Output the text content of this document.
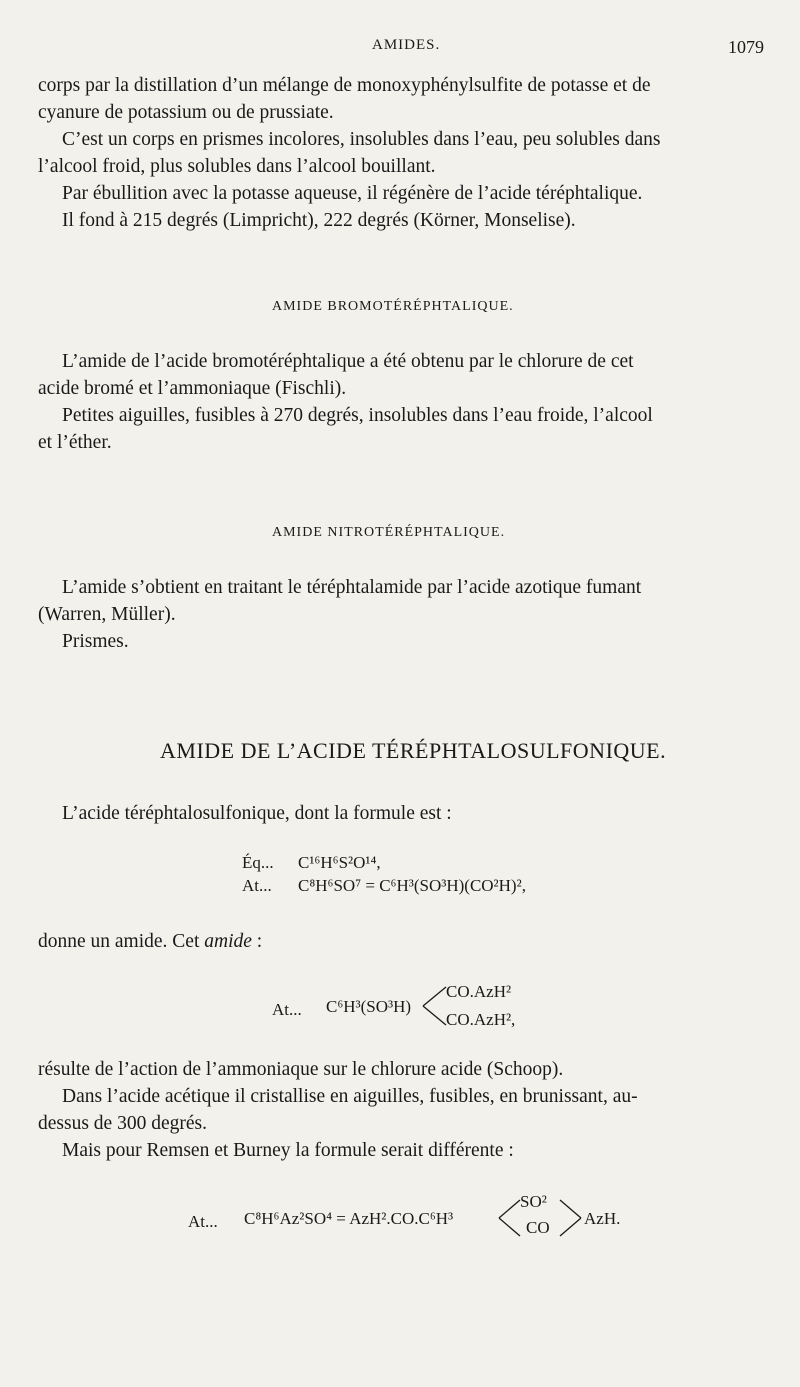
AMIDES.	1079

corps par la distillation d’un mélange de monoxyphénylsulfite de potasse et de

cyanure de potassium ou de prussiate.

C’est un corps en prismes incolores, insolubles dans l’eau, peu solubles dans

l’alcool froid, plus solubles dans l’alcool bouillant.

Par ébullition avec la potasse aqueuse, il régénère de l’acide téréphtalique.

Il fond à 215 degrés (Limpricht), 222 degrés (Körner, Monselise).

AMIDE BROMOTÉRÉPHTALIQUE.

L’amide de l’acide bromotéréphtalique a été obtenu par le chlorure de cet

acide bromé et l’ammoniaque (Fischli).

Petites aiguilles, fusibles à 270 degrés, insolubles dans l’eau froide, l’alcool

et l’éther.

AMIDE NITROTÉRÉPHTALIQUE.

L’amide s’obtient en traitant le téréphtalamide par l’acide azotique fumant

(Warren, Müller).

Prismes.

AMIDE DE L’ACIDE TÉRÉPHTALOSULFONIQUE.

L’acide téréphtalosulfonique, dont la formule est :

Éq... C¹⁶H⁶S²O¹⁴,
At... C⁸H⁶SO⁷ = C⁶H³(SO³H)(CO²H)²,

donne un amide. Cet amide :

At... C⁶H³(SO³H)
CO.AzH²
CO.AzH²,

résulte de l’action de l’ammoniaque sur le chlorure acide (Schoop).

Dans l’acide acétique il cristallise en aiguilles, fusibles, en brunissant, au-

dessus de 300 degrés.

Mais pour Remsen et Burney la formule serait différente :

At... C⁸H⁶Az²SO⁴ = AzH².CO.C⁶H³
SO²
CO AzH.
